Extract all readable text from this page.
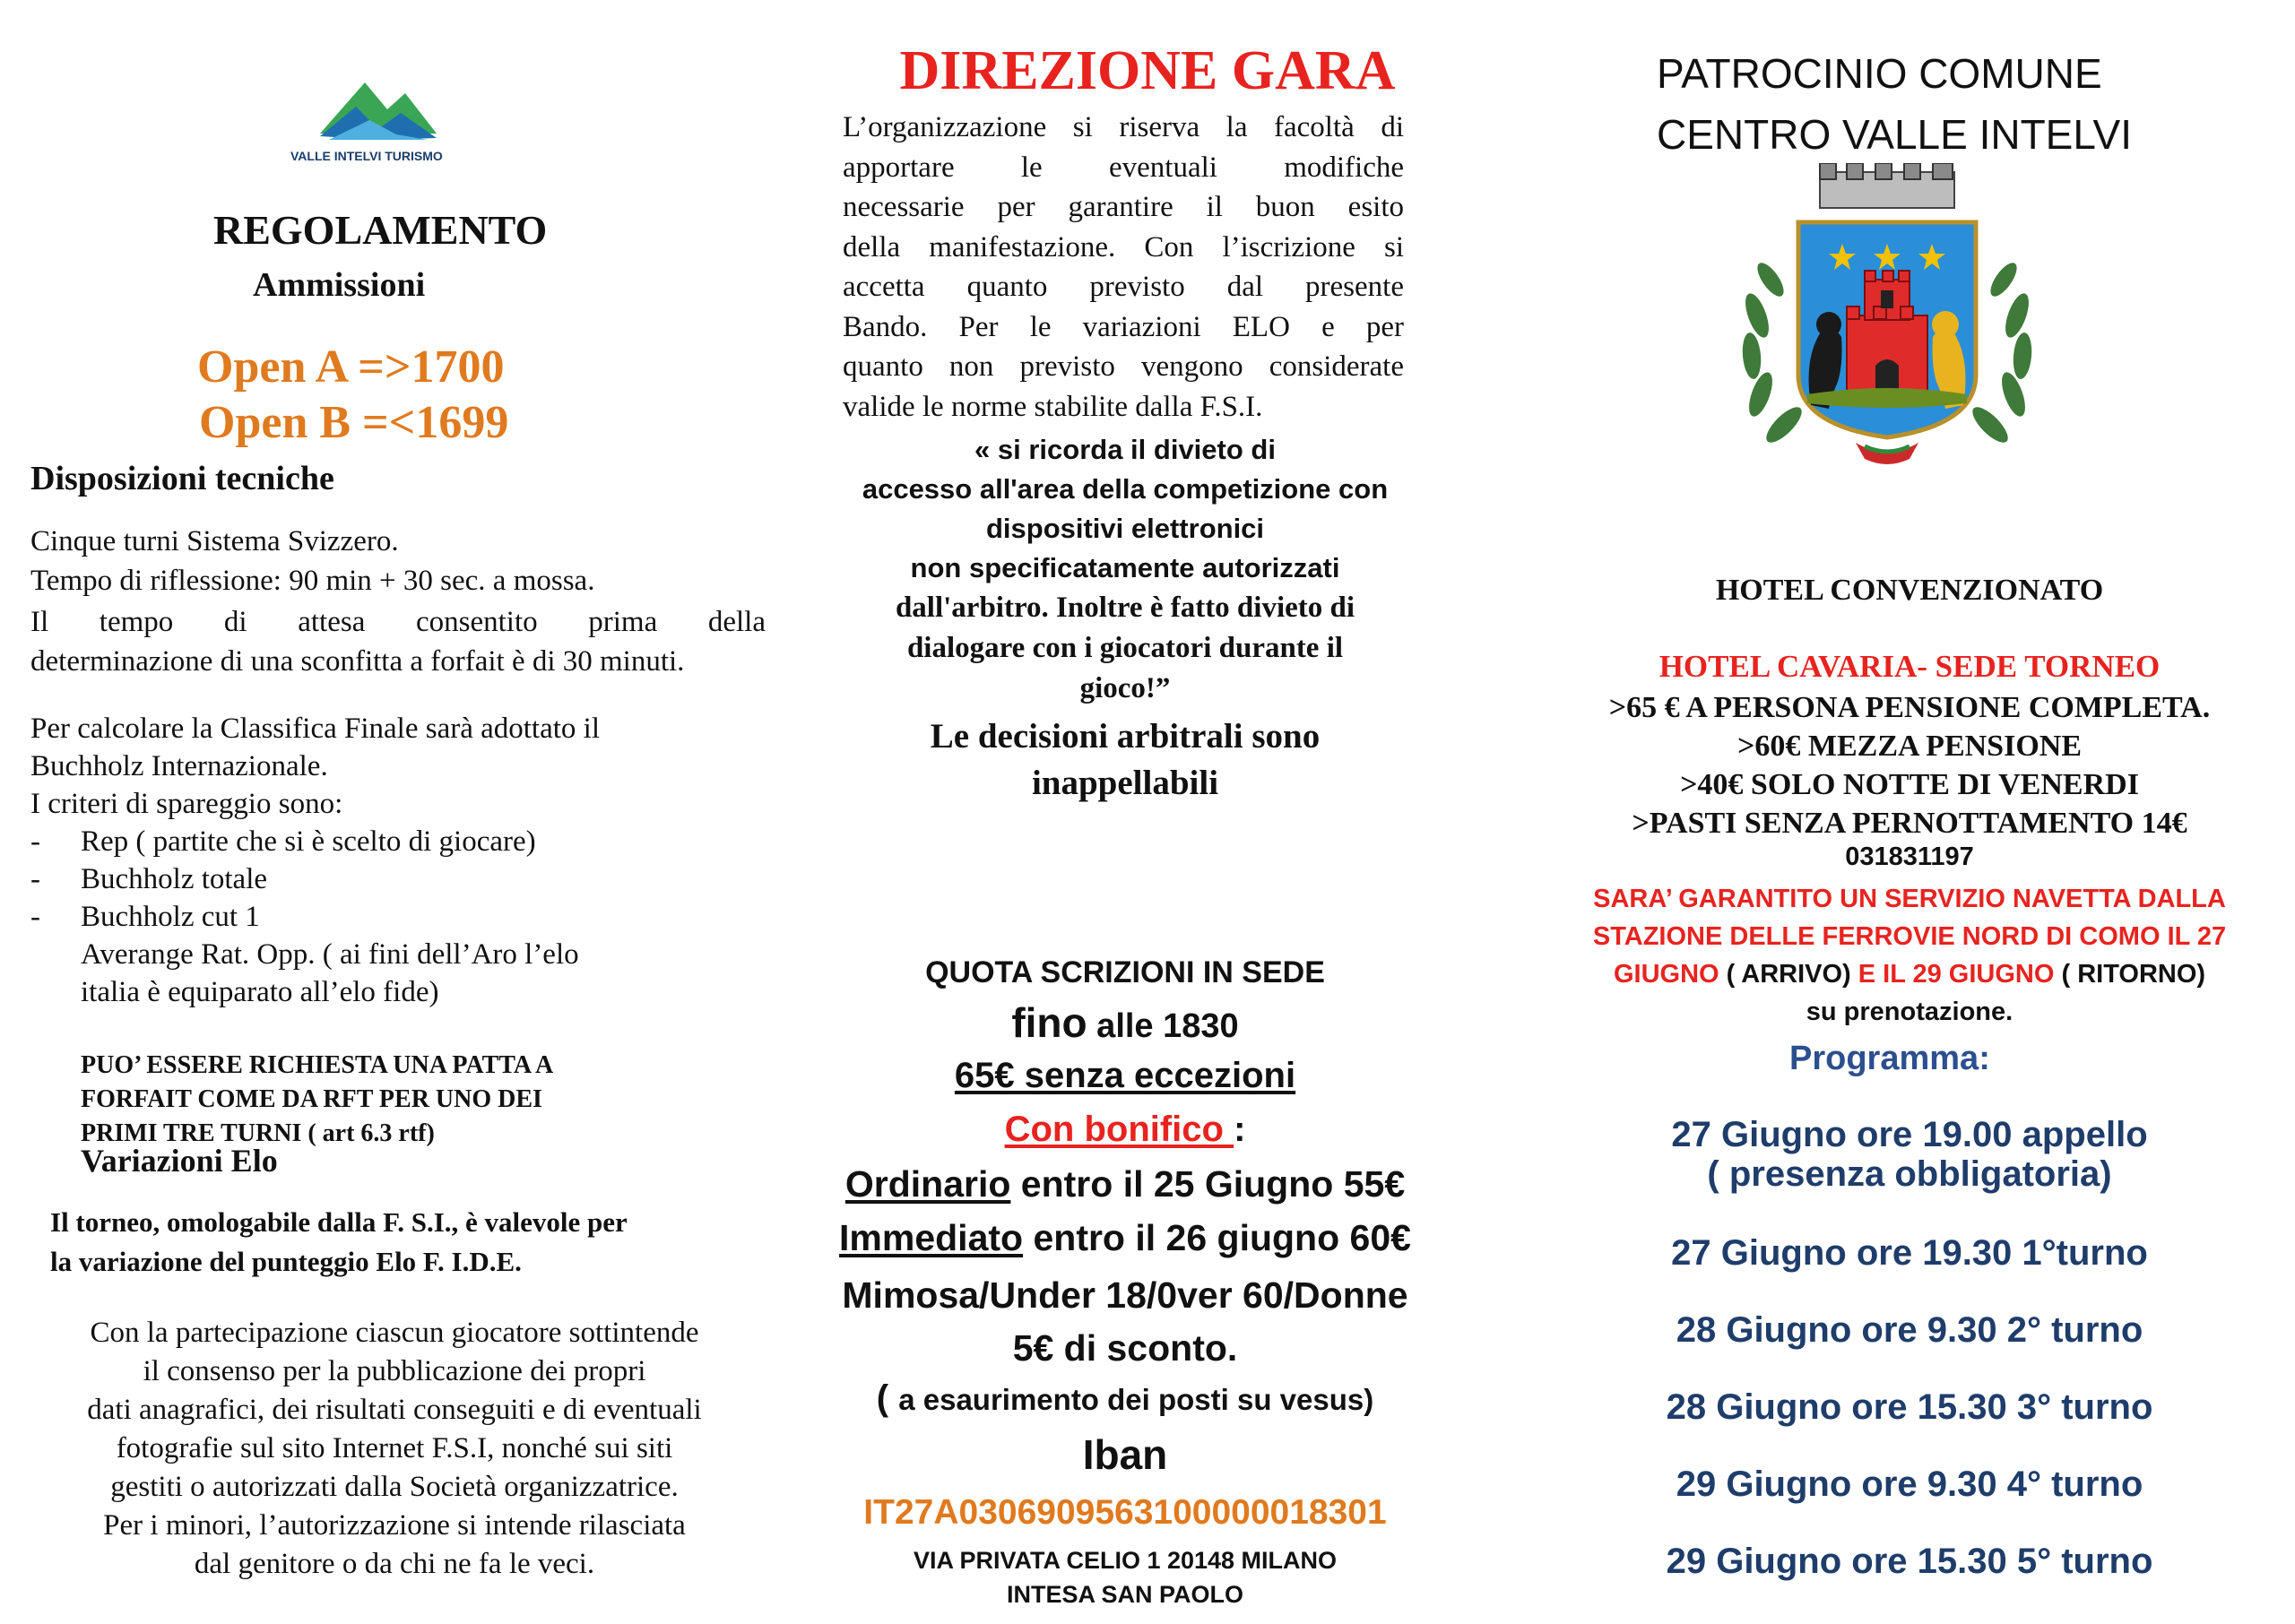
VALLE INTELVI TURISMO
REGOLAMENTO
Ammissioni
Open A =>1700
Open B =<1699
Disposizioni tecniche
Cinque turni Sistema Svizzero.
Tempo di riflessione: 90 min + 30 sec. a mossa.
Il tempo di attesa consentito prima della
determinazione di una sconfitta a forfait è di 30 minuti.
Per calcolare la Classifica Finale sarà adottato il
Buchholz Internazionale.
I criteri di spareggio sono:
- Rep ( partite che si è scelto di giocare)
- Buchholz totale
- Buchholz cut 1
Averange Rat. Opp. ( ai fini dell’Aro l’elo
italia è equiparato all’elo fide)
PUO’ ESSERE RICHIESTA UNA PATTA A
FORFAIT COME DA RFT PER UNO DEI
PRIMI TRE TURNI ( art 6.3 rtf)
Variazioni Elo
Il torneo, omologabile dalla F. S.I., è valevole per
la variazione del punteggio Elo F. I.D.E.
Con la partecipazione ciascun giocatore sottintende
il consenso per la pubblicazione dei propri
dati anagrafici, dei risultati conseguiti e di eventuali
fotografie sul sito Internet F.S.I, nonché sui siti
gestiti o autorizzati dalla Società organizzatrice.
Per i minori, l’autorizzazione si intende rilasciata
dal genitore o da chi ne fa le veci.
DIREZIONE GARA
L’organizzazione si riserva la facoltà di
apportare le eventuali modifiche
necessarie per garantire il buon esito
della manifestazione. Con l’iscrizione si
accetta quanto previsto dal presente
Bando. Per le variazioni ELO e per
quanto non previsto vengono considerate
valide le norme stabilite dalla F.S.I.
« si ricorda il divieto di
accesso all'area della competizione con
dispositivi elettronici
non specificatamente autorizzati
dall'arbitro. Inoltre è fatto divieto di
dialogare con i giocatori durante il
gioco!”
Le decisioni arbitrali sono
inappellabili
QUOTA SCRIZIONI IN SEDE
fino alle 1830
65€ senza eccezioni
Con bonifico :
Ordinario entro il 25 Giugno 55€
Immediato entro il 26 giugno 60€
Mimosa/Under 18/0ver 60/Donne
5€ di sconto.
( a esaurimento dei posti su vesus)
Iban
IT27A0306909563100000018301
VIA PRIVATA CELIO 1 20148 MILANO
INTESA SAN PAOLO
PATROCINIO COMUNE
CENTRO VALLE INTELVI
HOTEL CONVENZIONATO
HOTEL CAVARIA- SEDE TORNEO
>65 € A PERSONA PENSIONE COMPLETA.
>60€ MEZZA PENSIONE
>40€ SOLO NOTTE DI VENERDI
>PASTI SENZA PERNOTTAMENTO 14€
031831197
SARA’ GARANTITO UN SERVIZIO NAVETTA DALLA
STAZIONE DELLE FERROVIE NORD DI COMO IL 27
GIUGNO ( ARRIVO) E IL 29 GIUGNO ( RITORNO)
su prenotazione.
Programma:
27 Giugno ore 19.00 appello
( presenza obbligatoria)
27 Giugno ore 19.30 1°turno
28 Giugno ore 9.30 2° turno
28 Giugno ore 15.30 3° turno
29 Giugno ore 9.30 4° turno
29 Giugno ore 15.30 5° turno
